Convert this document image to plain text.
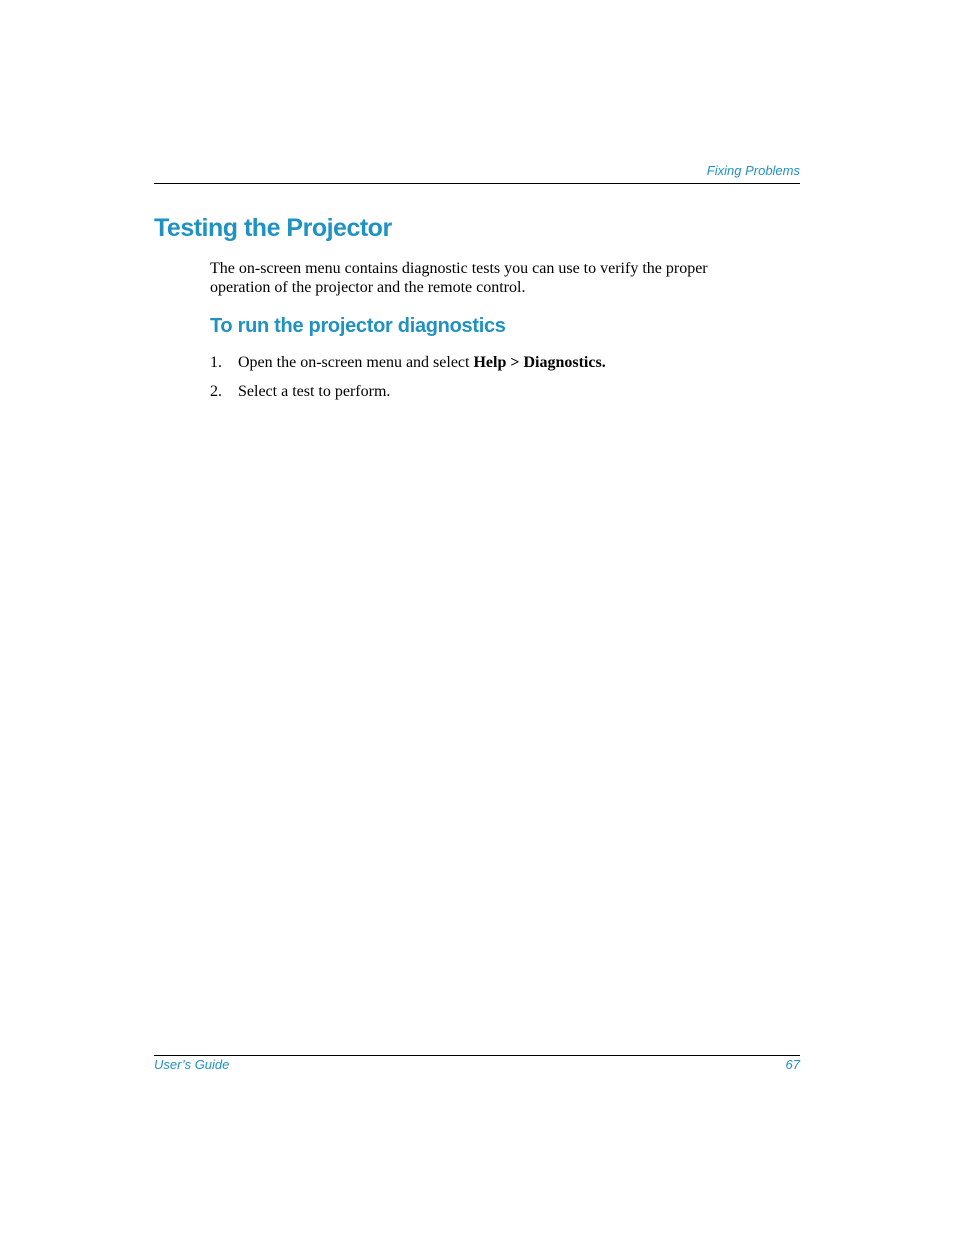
Fixing Problems
Testing the Projector

The on-screen menu contains diagnostic tests you can use to verify the proper operation of the projector and the remote control.

To run the projector diagnostics
1.	Open the on-screen menu and select Help > Diagnostics.
2.	Select a test to perform.
User’s Guide	67
